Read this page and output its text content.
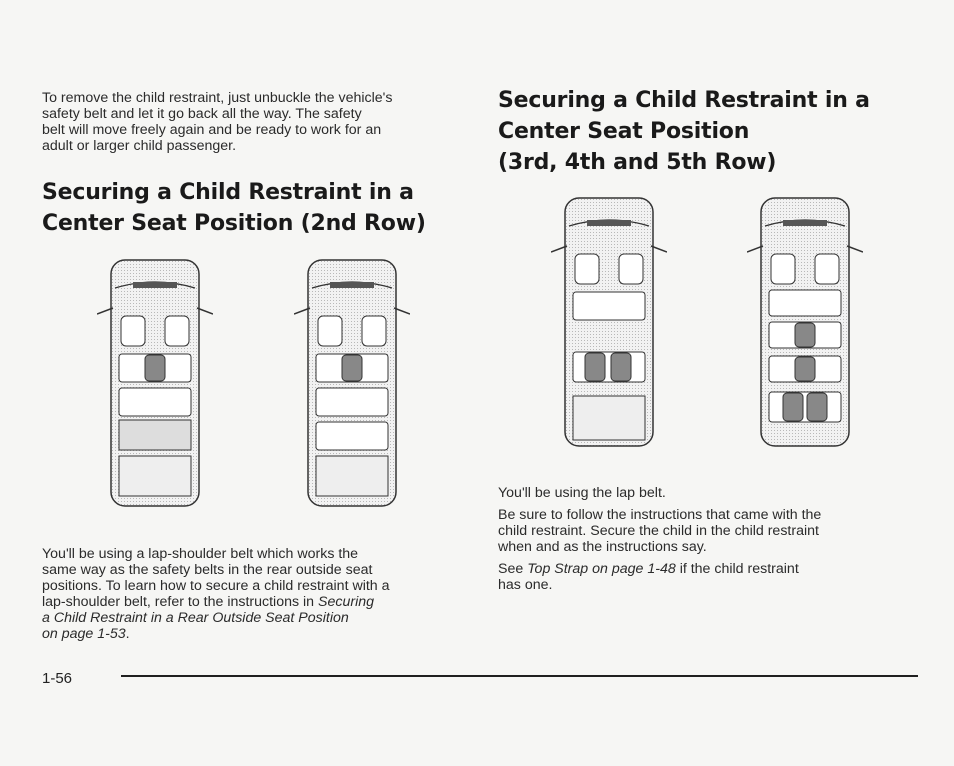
To remove the child restraint, just unbuckle the vehicle's
safety belt and let it go back all the way. The safety
belt will move freely again and be ready to work for an
adult or larger child passenger.
Securing a Child Restraint in a
Center Seat Position (2nd Row)
You'll be using a lap-shoulder belt which works the
same way as the safety belts in the rear outside seat
positions. To learn how to secure a child restraint with a
lap-shoulder belt, refer to the instructions in Securing
a Child Restraint in a Rear Outside Seat Position
on page 1-53.
Securing a Child Restraint in a
Center Seat Position
(3rd, 4th and 5th Row)

You'll be using the lap belt.

Be sure to follow the instructions that came with the
child restraint. Secure the child in the child restraint
when and as the instructions say.

See Top Strap on page 1-48 if the child restraint
has one.

1-56
